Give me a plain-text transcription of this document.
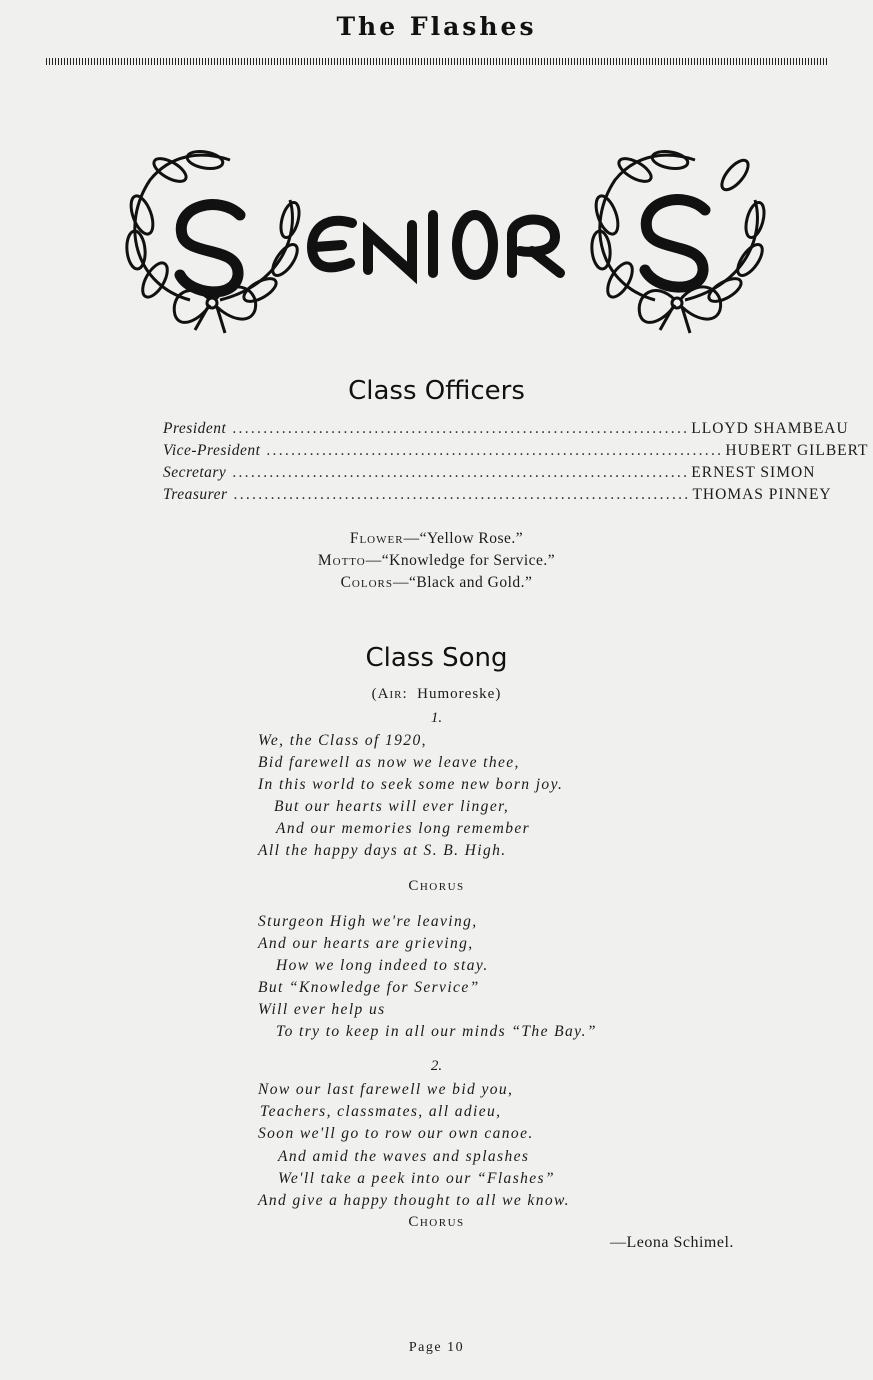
The Flashes
Class Officers
President .......................................................................... LLOYD SHAMBEAU
Vice-President .......................................................................... HUBERT GILBERT
Secretary .......................................................................... ERNEST SIMON
Treasurer .......................................................................... THOMAS PINNEY
Flower—“Yellow Rose.”
Motto—“Knowledge for Service.”
Colors—“Black and Gold.”
Class Song
(Air:  Humoreske)
1.
We, the Class of 1920,
Bid farewell as now we leave thee,
In this world to seek some new born joy.
But our hearts will ever linger,
And our memories long remember
All the happy days at S. B. High.
Chorus
Sturgeon High we're leaving,
And our hearts are grieving,
How we long indeed to stay.
But “Knowledge for Service”
Will ever help us
To try to keep in all our minds “The Bay.”
2.
Now our last farewell we bid you,
Teachers, classmates, all adieu,
Soon we'll go to row our own canoe.
And amid the waves and splashes
We'll take a peek into our “Flashes”
And give a happy thought to all we know.
Chorus
—Leona Schimel.
Page 10
